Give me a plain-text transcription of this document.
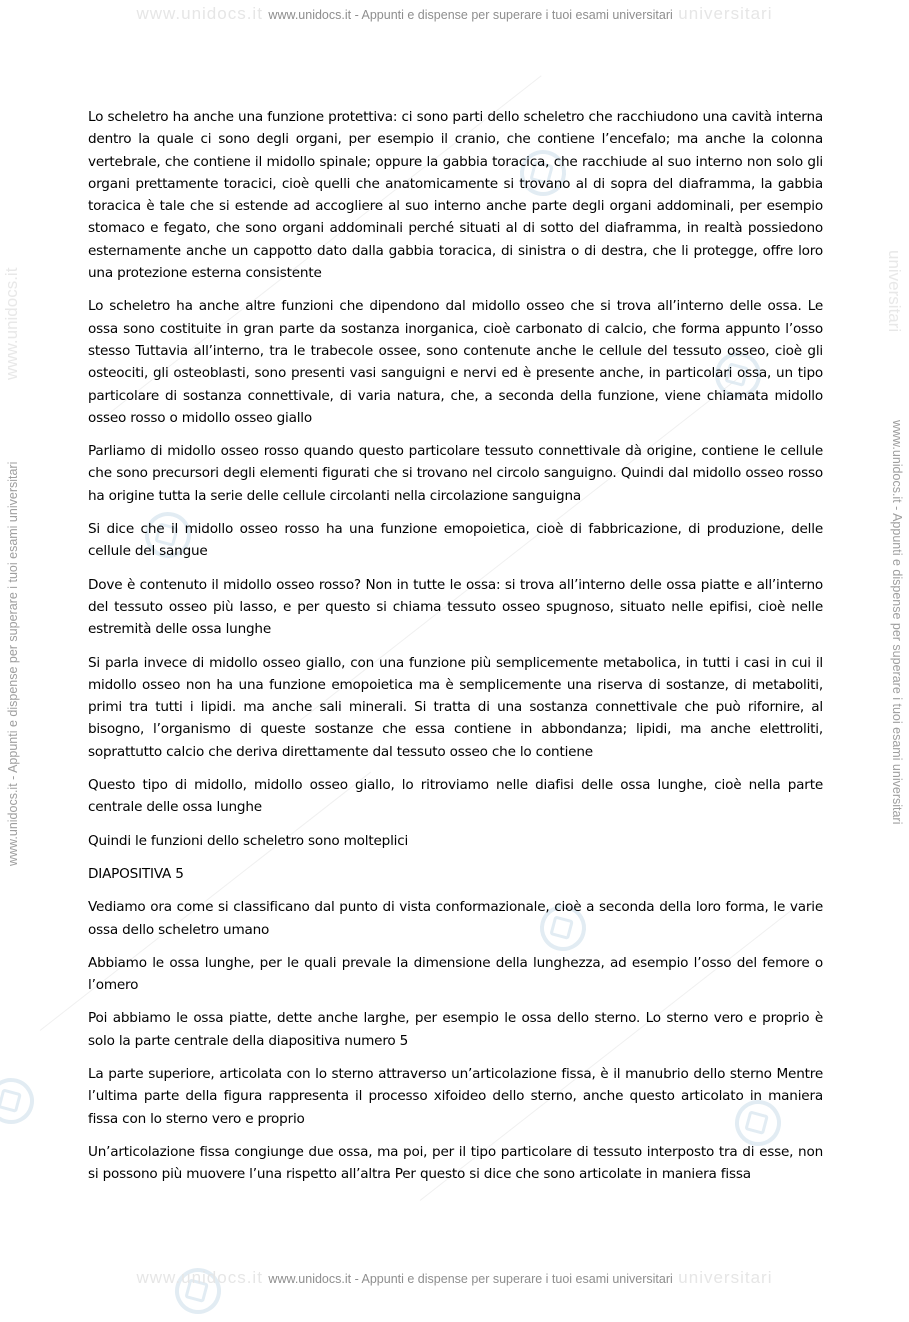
www.unidocs.it www.unidocs.it - Appunti e dispense per superare i tuoi esami universitari universitari
www.unidocs.it
www.unidocs.it - Appunti e dispense per superare i tuoi esami universitari
universitari
www.unidocs.it - Appunti e dispense per superare i tuoi esami universitari

Lo scheletro ha anche una funzione protettiva: ci sono parti dello scheletro che racchiudono una cavità interna dentro la quale ci sono degli organi, per esempio il cranio, che contiene l’encefalo; ma anche la colonna vertebrale, che contiene il midollo spinale; oppure la gabbia toracica, che racchiude al suo interno non solo gli organi prettamente toracici, cioè quelli che anatomicamente si trovano al di sopra del diaframma, la gabbia toracica è tale che si estende ad accogliere al suo interno anche parte degli organi addominali, per esempio stomaco e fegato, che sono organi addominali perché situati al di sotto del diaframma, in realtà possiedono esternamente anche un cappotto dato dalla gabbia toracica, di sinistra o di destra, che li protegge, offre loro una protezione esterna consistente

Lo scheletro ha anche altre funzioni che dipendono dal midollo osseo che si trova all’interno delle ossa. Le ossa sono costituite in gran parte da sostanza inorganica, cioè carbonato di calcio, che forma appunto l’osso stesso Tuttavia all’interno, tra le trabecole ossee, sono contenute anche le cellule del tessuto osseo, cioè gli osteociti, gli osteoblasti, sono presenti vasi sanguigni e nervi ed è presente anche, in particolari ossa, un tipo particolare di sostanza connettivale, di varia natura, che, a seconda della funzione, viene chiamata midollo osseo rosso o midollo osseo giallo

Parliamo di midollo osseo rosso quando questo particolare tessuto connettivale dà origine, contiene le cellule che sono precursori degli elementi figurati che si trovano nel circolo sanguigno. Quindi dal midollo osseo rosso ha origine tutta la serie delle cellule circolanti nella circolazione sanguigna

Si dice che il midollo osseo rosso ha una funzione emopoietica, cioè di fabbricazione, di produzione, delle cellule del sangue

Dove è contenuto il midollo osseo rosso? Non in tutte le ossa: si trova all’interno delle ossa piatte e all’interno del tessuto osseo più lasso, e per questo si chiama tessuto osseo spugnoso, situato nelle epifisi, cioè nelle estremità delle ossa lunghe

Si parla invece di midollo osseo giallo, con una funzione più semplicemente metabolica, in tutti i casi in cui il midollo osseo non ha una funzione emopoietica ma è semplicemente una riserva di sostanze, di metaboliti, primi tra tutti i lipidi. ma anche sali minerali. Si tratta di una sostanza connettivale che può rifornire, al bisogno, l’organismo di queste sostanze che essa contiene in abbondanza; lipidi, ma anche elettroliti, soprattutto calcio che deriva direttamente dal tessuto osseo che lo contiene

Questo tipo di midollo, midollo osseo giallo, lo ritroviamo nelle diafisi delle ossa lunghe, cioè nella parte centrale delle ossa lunghe

Quindi le funzioni dello scheletro sono molteplici

DIAPOSITIVA 5

Vediamo ora come si classificano dal punto di vista conformazionale, cioè a seconda della loro forma, le varie ossa dello scheletro umano

Abbiamo le ossa lunghe, per le quali prevale la dimensione della lunghezza, ad esempio l’osso del femore o l’omero

Poi abbiamo le ossa piatte, dette anche larghe, per esempio le ossa dello sterno. Lo sterno vero e proprio è solo la parte centrale della diapositiva numero 5

La parte superiore, articolata con lo sterno attraverso un’articolazione fissa, è il manubrio dello sterno Mentre l’ultima parte della figura rappresenta il processo xifoideo dello sterno, anche questo articolato in maniera fissa con lo sterno vero e proprio

Un’articolazione fissa congiunge due ossa, ma poi, per il tipo particolare di tessuto interposto tra di esse, non si possono più muovere l’una rispetto all’altra Per questo si dice che sono articolate in maniera fissa

www.unidocs.it www.unidocs.it - Appunti e dispense per superare i tuoi esami universitari universitari
